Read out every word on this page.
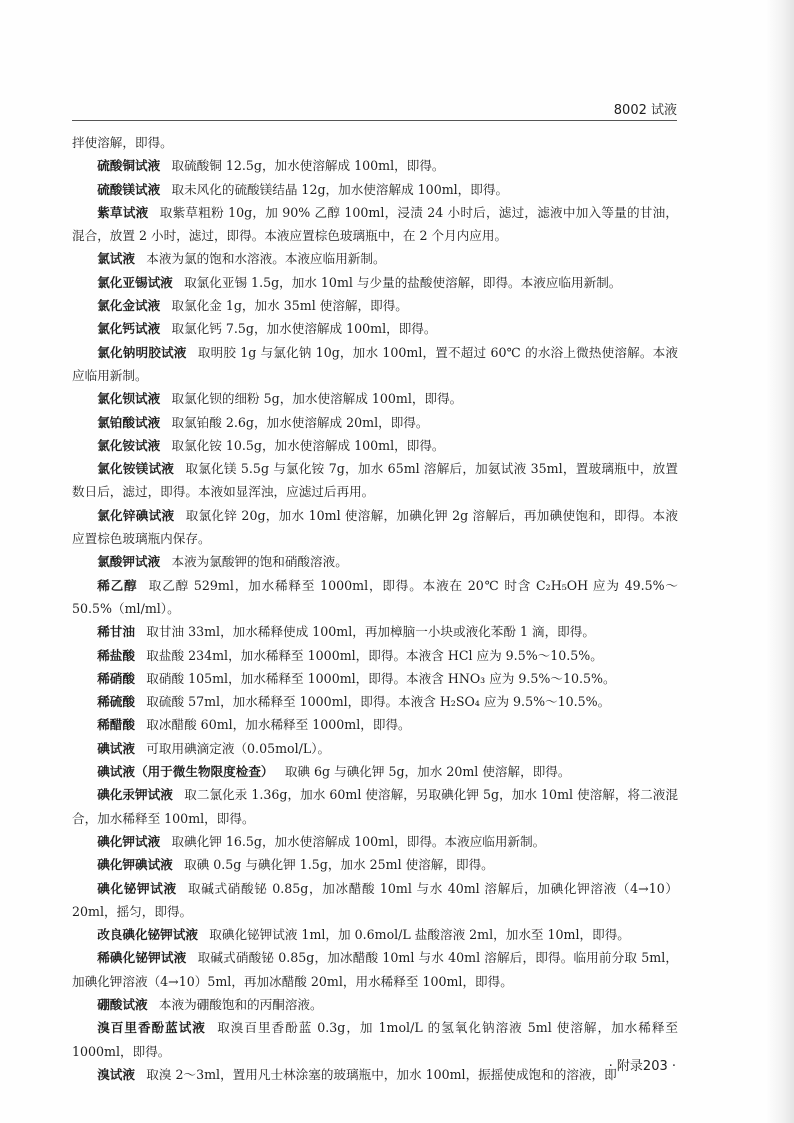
8002 试液

拌使溶解，即得。

硫酸铜试液 取硫酸铜 12.5g，加水使溶解成 100ml，即得。

硫酸镁试液 取未风化的硫酸镁结晶 12g，加水使溶解成 100ml，即得。

紫草试液 取紫草粗粉 10g，加 90% 乙醇 100ml，浸渍 24 小时后，滤过，滤液中加入等量的甘油，混合，放置 2 小时，滤过，即得。本液应置棕色玻璃瓶中，在 2 个月内应用。

氯试液 本液为氯的饱和水溶液。本液应临用新制。

氯化亚锡试液 取氯化亚锡 1.5g，加水 10ml 与少量的盐酸使溶解，即得。本液应临用新制。

氯化金试液 取氯化金 1g，加水 35ml 使溶解，即得。

氯化钙试液 取氯化钙 7.5g，加水使溶解成 100ml，即得。

氯化钠明胶试液 取明胶 1g 与氯化钠 10g，加水 100ml，置不超过 60℃ 的水浴上微热使溶解。本液应临用新制。

氯化钡试液 取氯化钡的细粉 5g，加水使溶解成 100ml，即得。

氯铂酸试液 取氯铂酸 2.6g，加水使溶解成 20ml，即得。

氯化铵试液 取氯化铵 10.5g，加水使溶解成 100ml，即得。

氯化铵镁试液 取氯化镁 5.5g 与氯化铵 7g，加水 65ml 溶解后，加氨试液 35ml，置玻璃瓶中，放置数日后，滤过，即得。本液如显浑浊，应滤过后再用。

氯化锌碘试液 取氯化锌 20g，加水 10ml 使溶解，加碘化钾 2g 溶解后，再加碘使饱和，即得。本液应置棕色玻璃瓶内保存。

氯酸钾试液 本液为氯酸钾的饱和硝酸溶液。

稀乙醇 取乙醇 529ml，加水稀释至 1000ml，即得。本液在 20℃ 时含 C₂H₅OH 应为 49.5%～50.5%（ml/ml）。

稀甘油 取甘油 33ml，加水稀释使成 100ml，再加樟脑一小块或液化苯酚 1 滴，即得。

稀盐酸 取盐酸 234ml，加水稀释至 1000ml，即得。本液含 HCl 应为 9.5%～10.5%。

稀硝酸 取硝酸 105ml，加水稀释至 1000ml，即得。本液含 HNO₃ 应为 9.5%～10.5%。

稀硫酸 取硫酸 57ml，加水稀释至 1000ml，即得。本液含 H₂SO₄ 应为 9.5%～10.5%。

稀醋酸 取冰醋酸 60ml，加水稀释至 1000ml，即得。

碘试液 可取用碘滴定液（0.05mol/L）。

碘试液（用于微生物限度检查） 取碘 6g 与碘化钾 5g，加水 20ml 使溶解，即得。

碘化汞钾试液 取二氯化汞 1.36g，加水 60ml 使溶解，另取碘化钾 5g，加水 10ml 使溶解，将二液混合，加水稀释至 100ml，即得。

碘化钾试液 取碘化钾 16.5g，加水使溶解成 100ml，即得。本液应临用新制。

碘化钾碘试液 取碘 0.5g 与碘化钾 1.5g，加水 25ml 使溶解，即得。

碘化铋钾试液 取碱式硝酸铋 0.85g，加冰醋酸 10ml 与水 40ml 溶解后，加碘化钾溶液（4→10）20ml，摇匀，即得。

改良碘化铋钾试液 取碘化铋钾试液 1ml，加 0.6mol/L 盐酸溶液 2ml，加水至 10ml，即得。

稀碘化铋钾试液 取碱式硝酸铋 0.85g，加冰醋酸 10ml 与水 40ml 溶解后，即得。临用前分取 5ml，加碘化钾溶液（4→10）5ml，再加冰醋酸 20ml，用水稀释至 100ml，即得。

硼酸试液 本液为硼酸饱和的丙酮溶液。

溴百里香酚蓝试液 取溴百里香酚蓝 0.3g，加 1mol/L 的氢氧化钠溶液 5ml 使溶解，加水稀释至 1000ml，即得。

溴试液 取溴 2～3ml，置用凡士林涂塞的玻璃瓶中，加水 100ml，振摇使成饱和的溶液，即

· 附录203 ·
